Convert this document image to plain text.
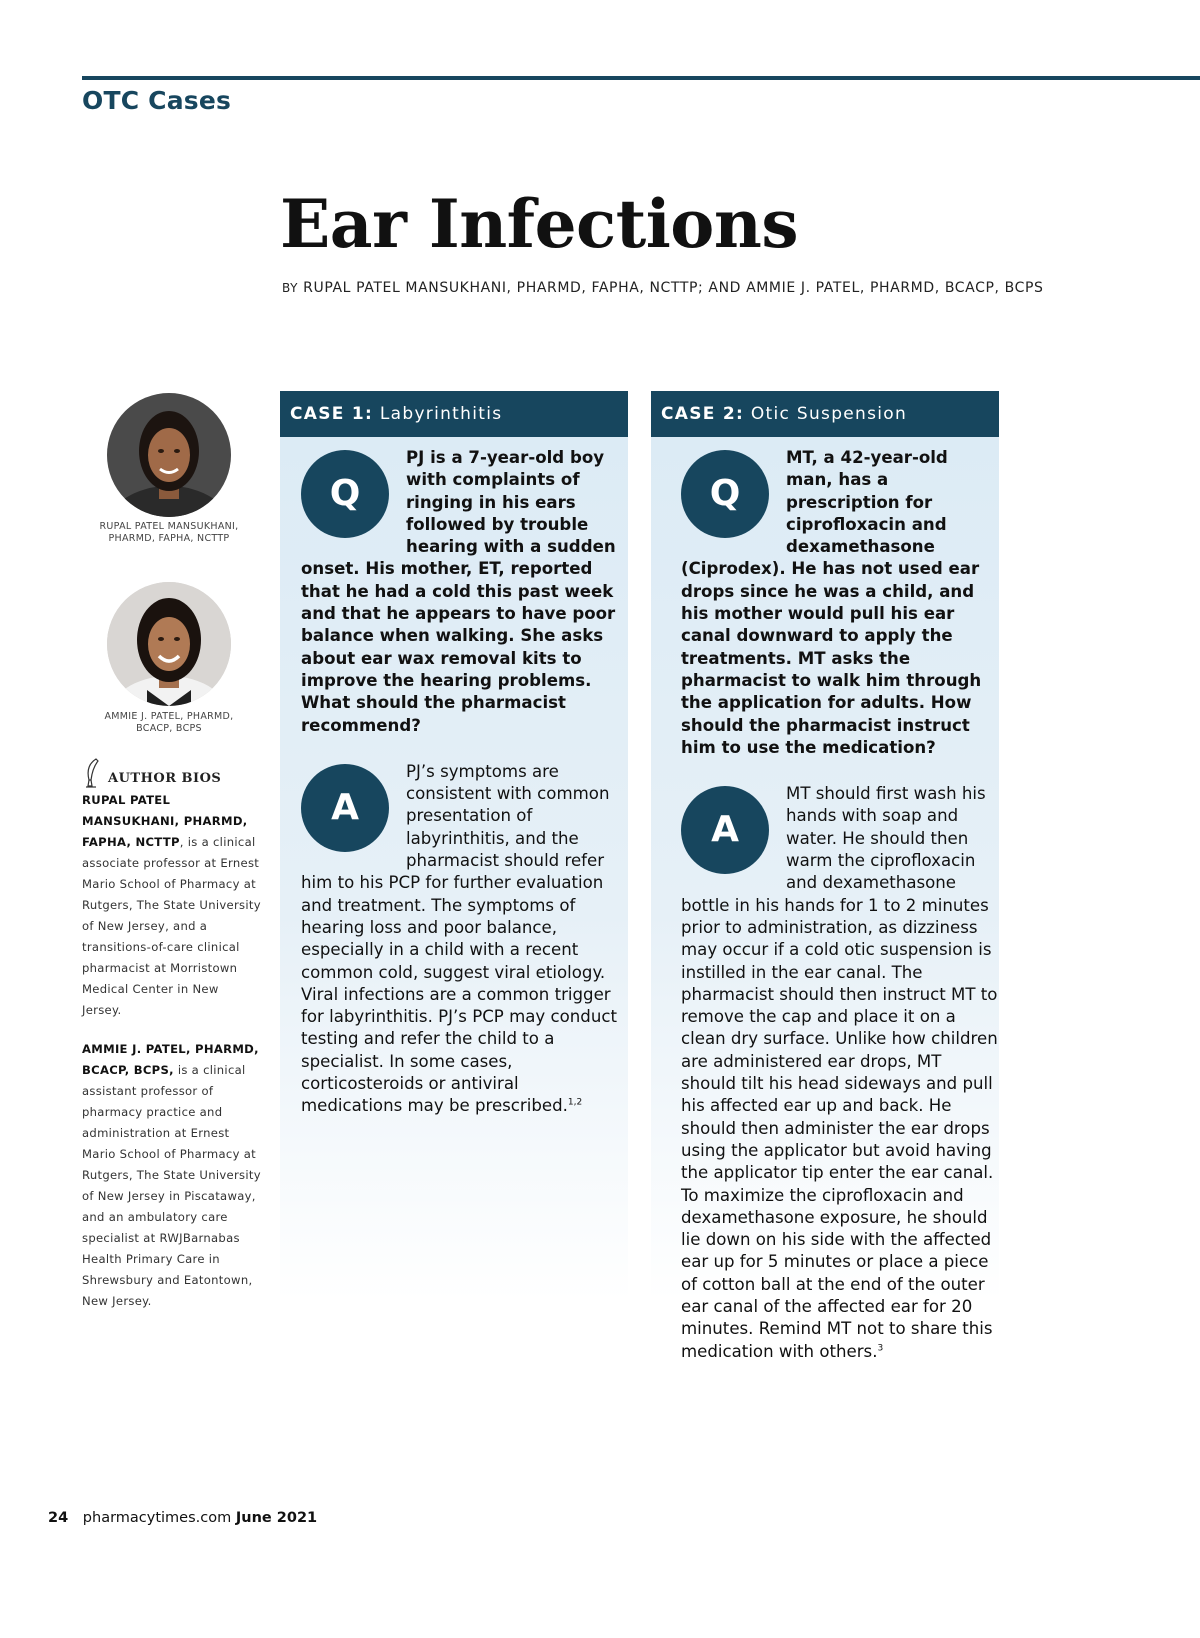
OTC Cases
Ear Infections
BY RUPAL PATEL MANSUKHANI, PHARMD, FAPHA, NCTTP; AND AMMIE J. PATEL, PHARMD, BCACP, BCPS
RUPAL PATEL MANSUKHANI,
PHARMD, FAPHA, NCTTP
AMMIE J. PATEL, PHARMD,
BCACP, BCPS
AUTHOR BIOS

RUPAL PATEL MANSUKHANI, PHARMD, FAPHA, NCTTP, is a clinical associate professor at Ernest Mario School of Pharmacy at Rutgers, The State University of New Jersey, and a transitions-of-care clinical pharmacist at Morristown Medical Center in New Jersey.

AMMIE J. PATEL, PHARMD, BCACP, BCPS, is a clinical assistant professor of pharmacy practice and administration at Ernest Mario School of Pharmacy at Rutgers, The State University of New Jersey in Piscataway, and an ambulatory care specialist at RWJBarnabas Health Primary Care in Shrewsbury and Eatontown, New Jersey.

CASE 1: Labyrinthitis

Q
PJ is a 7-year-old boy with complaints of ringing in his ears followed by trouble hearing with a sudden onset. His mother, ET, reported that he had a cold this past week and that he appears to have poor balance when walking. She asks about ear wax removal kits to improve the hearing problems. What should the pharmacist recommend?

A
PJ’s symptoms are consistent with common presentation of labyrinthitis, and the pharmacist should refer him to his PCP for further evaluation and treatment. The symptoms of hearing loss and poor balance, especially in a child with a recent common cold, suggest viral etiology. Viral infections are a common trigger for labyrinthitis. PJ’s PCP may conduct testing and refer the child to a specialist. In some cases, corticosteroids or antiviral medications may be prescribed.$^{1,2}$

CASE 2: Otic Suspension

Q
MT, a 42-year-old man, has a prescription for ciprofloxacin and dexamethasone (Ciprodex). He has not used ear drops since he was a child, and his mother would pull his ear canal downward to apply the treatments. MT asks the pharmacist to walk him through the application for adults. How should the pharmacist instruct him to use the medication?

A
MT should first wash his hands with soap and water. He should then warm the ciprofloxacin and dexamethasone bottle in his hands for 1 to 2 minutes prior to administration, as dizziness may occur if a cold otic suspension is instilled in the ear canal. The pharmacist should then instruct MT to remove the cap and place it on a clean dry surface. Unlike how children are administered ear drops, MT should tilt his head sideways and pull his affected ear up and back. He should then administer the ear drops using the applicator but avoid having the applicator tip enter the ear canal. To maximize the ciprofloxacin and dexamethasone exposure, he should lie down on his side with the affected ear up for 5 minutes or place a piece of cotton ball at the end of the outer ear canal of the affected ear for 20 minutes. Remind MT not to share this medication with others.$^3$

24 pharmacytimes.com June 2021
